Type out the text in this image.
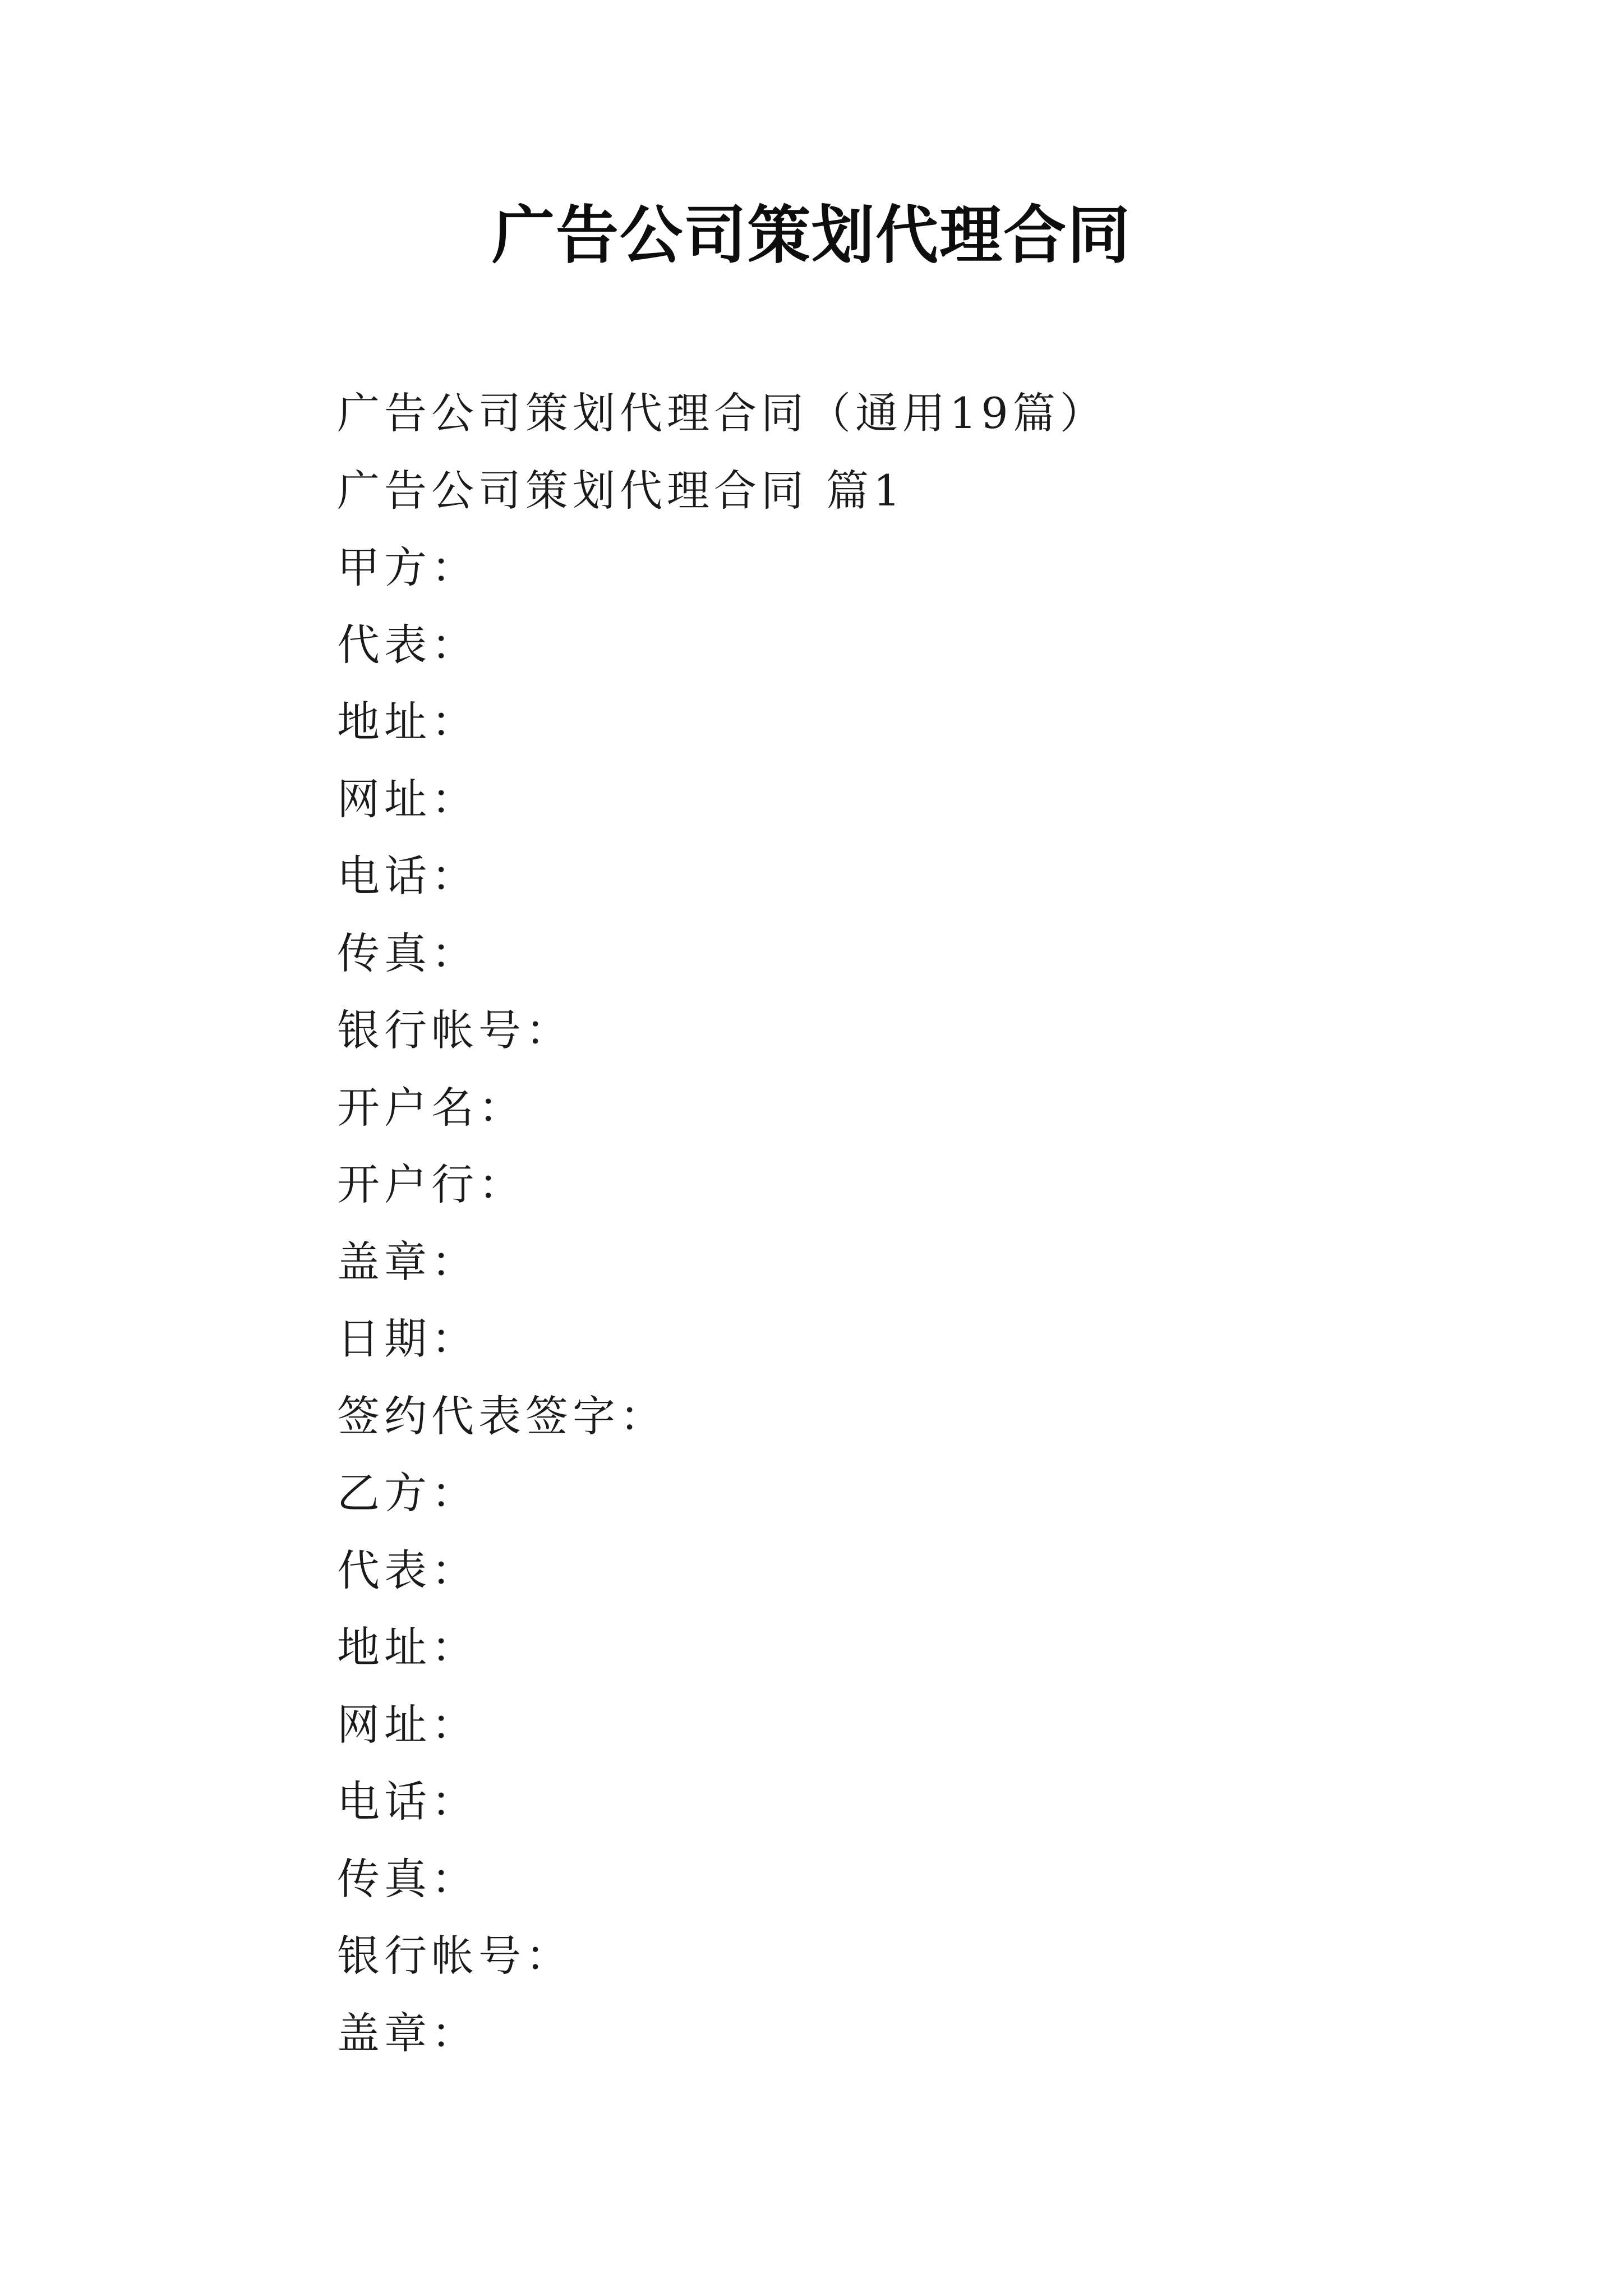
广告公司策划代理合同
广告公司策划代理合同（通用19篇）
广告公司策划代理合同 篇1
甲方：
代表：
地址：
网址：
电话：
传真：
银行帐号：
开户名：
开户行：
盖章：
日期：
签约代表签字：
乙方：
代表：
地址：
网址：
电话：
传真：
银行帐号：
盖章：
